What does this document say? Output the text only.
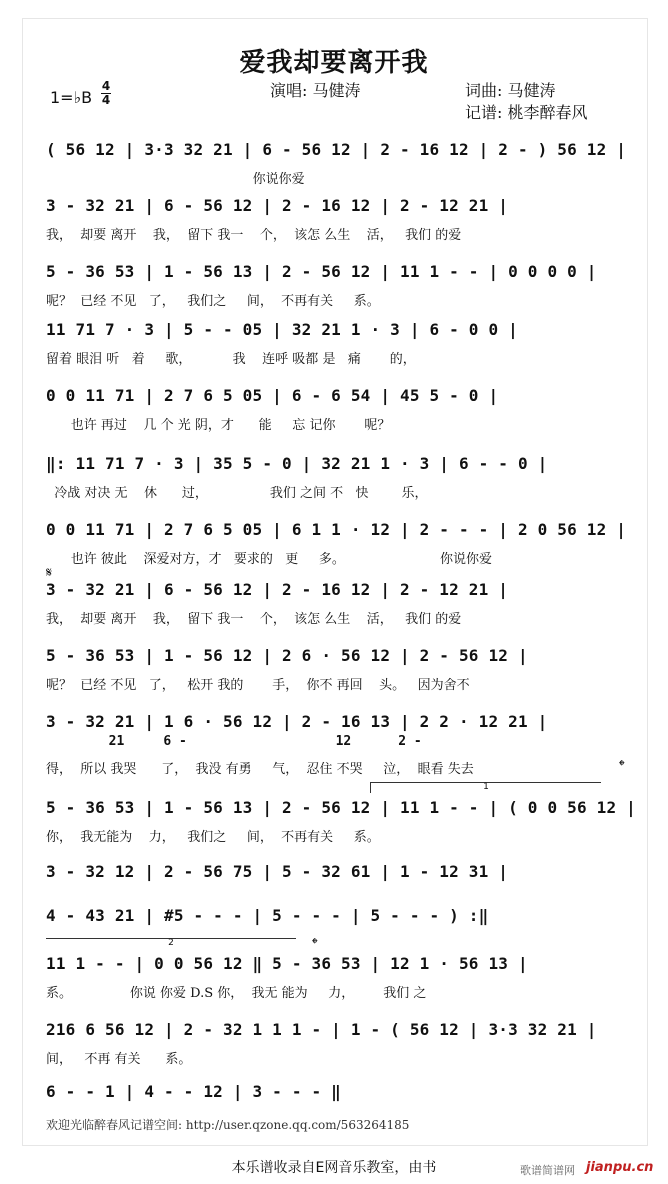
爱我却要离开我
1=♭B
4
4	演唱: 马健涛	词曲: 马健涛
记谱: 桃李醉春风
( 56 12 | 3·3 32 21 | 6 - 56 12 | 2 - 16 12 | 2 - ) 56 12 |
你说你爱
3 - 32 21 | 6 - 56 12 | 2 - 16 12 | 2 - 12 21 |
我，  却要 离开    我，  留下 我一    个，  该怎 么生    活，   我们 的爱
5 - 36 53 | 1 - 56 13 | 2 - 56 12 | 11 1 - - | 0 0 0 0 |
呢？  已经 不见   了，   我们之     间，  不再有关     系。
11 71 7 · 3 | 5 - - 05 | 32 21 1 · 3 | 6 - 0 0 |
留着 眼泪 听   着     歌，          我    连呼 吸都 是   痛       的，
0 0 11 71 | 2 7 6 5 05 | 6 - 6 54 | 45 5 - 0 |
也许 再过    几 个 光 阴，才      能     忘 记你       呢？
‖: 11 71 7 · 3 | 35 5 - 0 | 32 21 1 · 3 | 6 - - 0 |
冷战 对决 无    休      过，               我们 之间 不   快        乐，
0 0 11 71 | 2 7 6 5 05 | 6 1 1 · 12 | 2 - - - | 2 0 56 12 |
也许 彼此    深爱对方，才   要求的   更     多。                       你说你爱
𝄋
3 - 32 21 | 6 - 56 12 | 2 - 16 12 | 2 - 12 21 |
我，  却要 离开    我，  留下 我一    个，  该怎 么生    活，   我们 的爱
5 - 36 53 | 1 - 56 12 | 2 6 · 56 12 | 2 - 56 12 |
呢？  已经 不见   了，   松开 我的       手，  你不 再回    头。   因为舍不
3 - 32 21 | 1 6 · 56 12 | 2 - 16 13 | 2 2 · 12 21 |
21     6 -                   12      2 -
得，  所以 我哭      了，  我没 有勇     气，  忍住 不哭     泣，  眼看 失去	𝄌
1
5 - 36 53 | 1 - 56 13 | 2 - 56 12 | 11 1 - - | ( 0 0 56 12 |
你，  我无能为    力，   我们之     间，  不再有关     系。
3 - 32 12 | 2 - 56 75 | 5 - 32 61 | 1 - 12 31 |
4 - 43 21 | #5 - - - | 5 - - - | 5 - - - ) :‖
2	𝄌
11 1 - - | 0 0 56 12 ‖ 5 - 36 53 | 12 1 · 56 13 |
系。              你说 你爱 D.S 你，  我无 能为     力，       我们 之
216 6 56 12 | 2 - 32 1 1 1 - | 1 - ( 56 12 | 3·3 32 21 |
间，   不再 有关      系。
6 - - 1 | 4 - - 12 | 3 - - - ‖
欢迎光临醉春风记谱空间: http://user.qzone.qq.com/563264185
本乐谱收录自E网音乐教室，由书	歌谱简谱网 jianpu.cn
